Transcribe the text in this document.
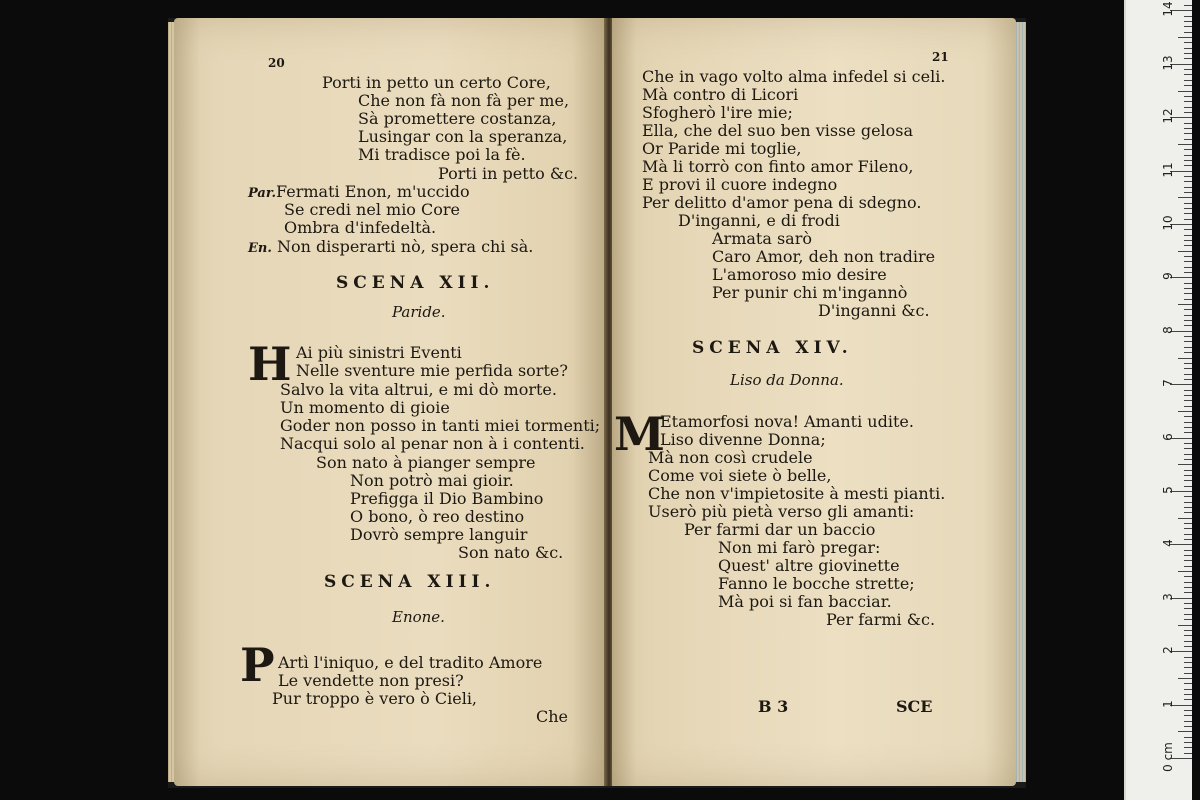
20
Porti in petto un certo Core,
Che non fà non fà per me,
Sà promettere costanza,
Lusingar con la speranza,
Mi tradisce poi la fè.
Porti in petto &c.
Par.Fermati Enon, m'uccido
Se credi nel mio Core
Ombra d'infedeltà.
En. Non disperarti nò, spera chi sà.
SCENA XII.
Paride.
H Ai più sinistri Eventi
Nelle sventure mie perfida sorte?
Salvo la vita altrui, e mi dò morte.
Un momento di gioie
Goder non posso in tanti miei tormenti;
Nacqui solo al penar non à i contenti.
Son nato à pianger sempre
Non potrò mai gioir.
Prefigga il Dio Bambino
O bono, ò reo destino
Dovrò sempre languir
Son nato &c.
SCENA XIII.
Enone.
P Artì l'iniquo, e del tradito Amore
Le vendette non presi?
Pur troppo è vero ò Cieli,
Che
21
Che in vago volto alma infedel si celi.
Mà contro di Licori
Sfogherò l'ire mie;
Ella, che del suo ben visse gelosa
Or Paride mi toglie,
Mà li torrò con finto amor Fileno,
E provi il cuore indegno
Per delitto d'amor pena di sdegno.
D'inganni, e di frodi
Armata sarò
Caro Amor, deh non tradire
L'amoroso mio desire
Per punir chi m'ingannò
D'inganni &c.
SCENA XIV.
Liso da Donna.
M
Etamorfosi nova! Amanti udite.
Liso divenne Donna;
Mà non così crudele
Come voi siete ò belle,
Che non v'impietosite à mesti pianti.
Userò più pietà verso gli amanti:
Per farmi dar un baccio
Non mi farò pregar:
Quest' altre giovinette
Fanno le bocche strette;
Mà poi si fan bacciar.
Per farmi &c.
B 3	SCE
0 cm
1
2
3
4
5
6
7
8
9
10
11
12
13
14
